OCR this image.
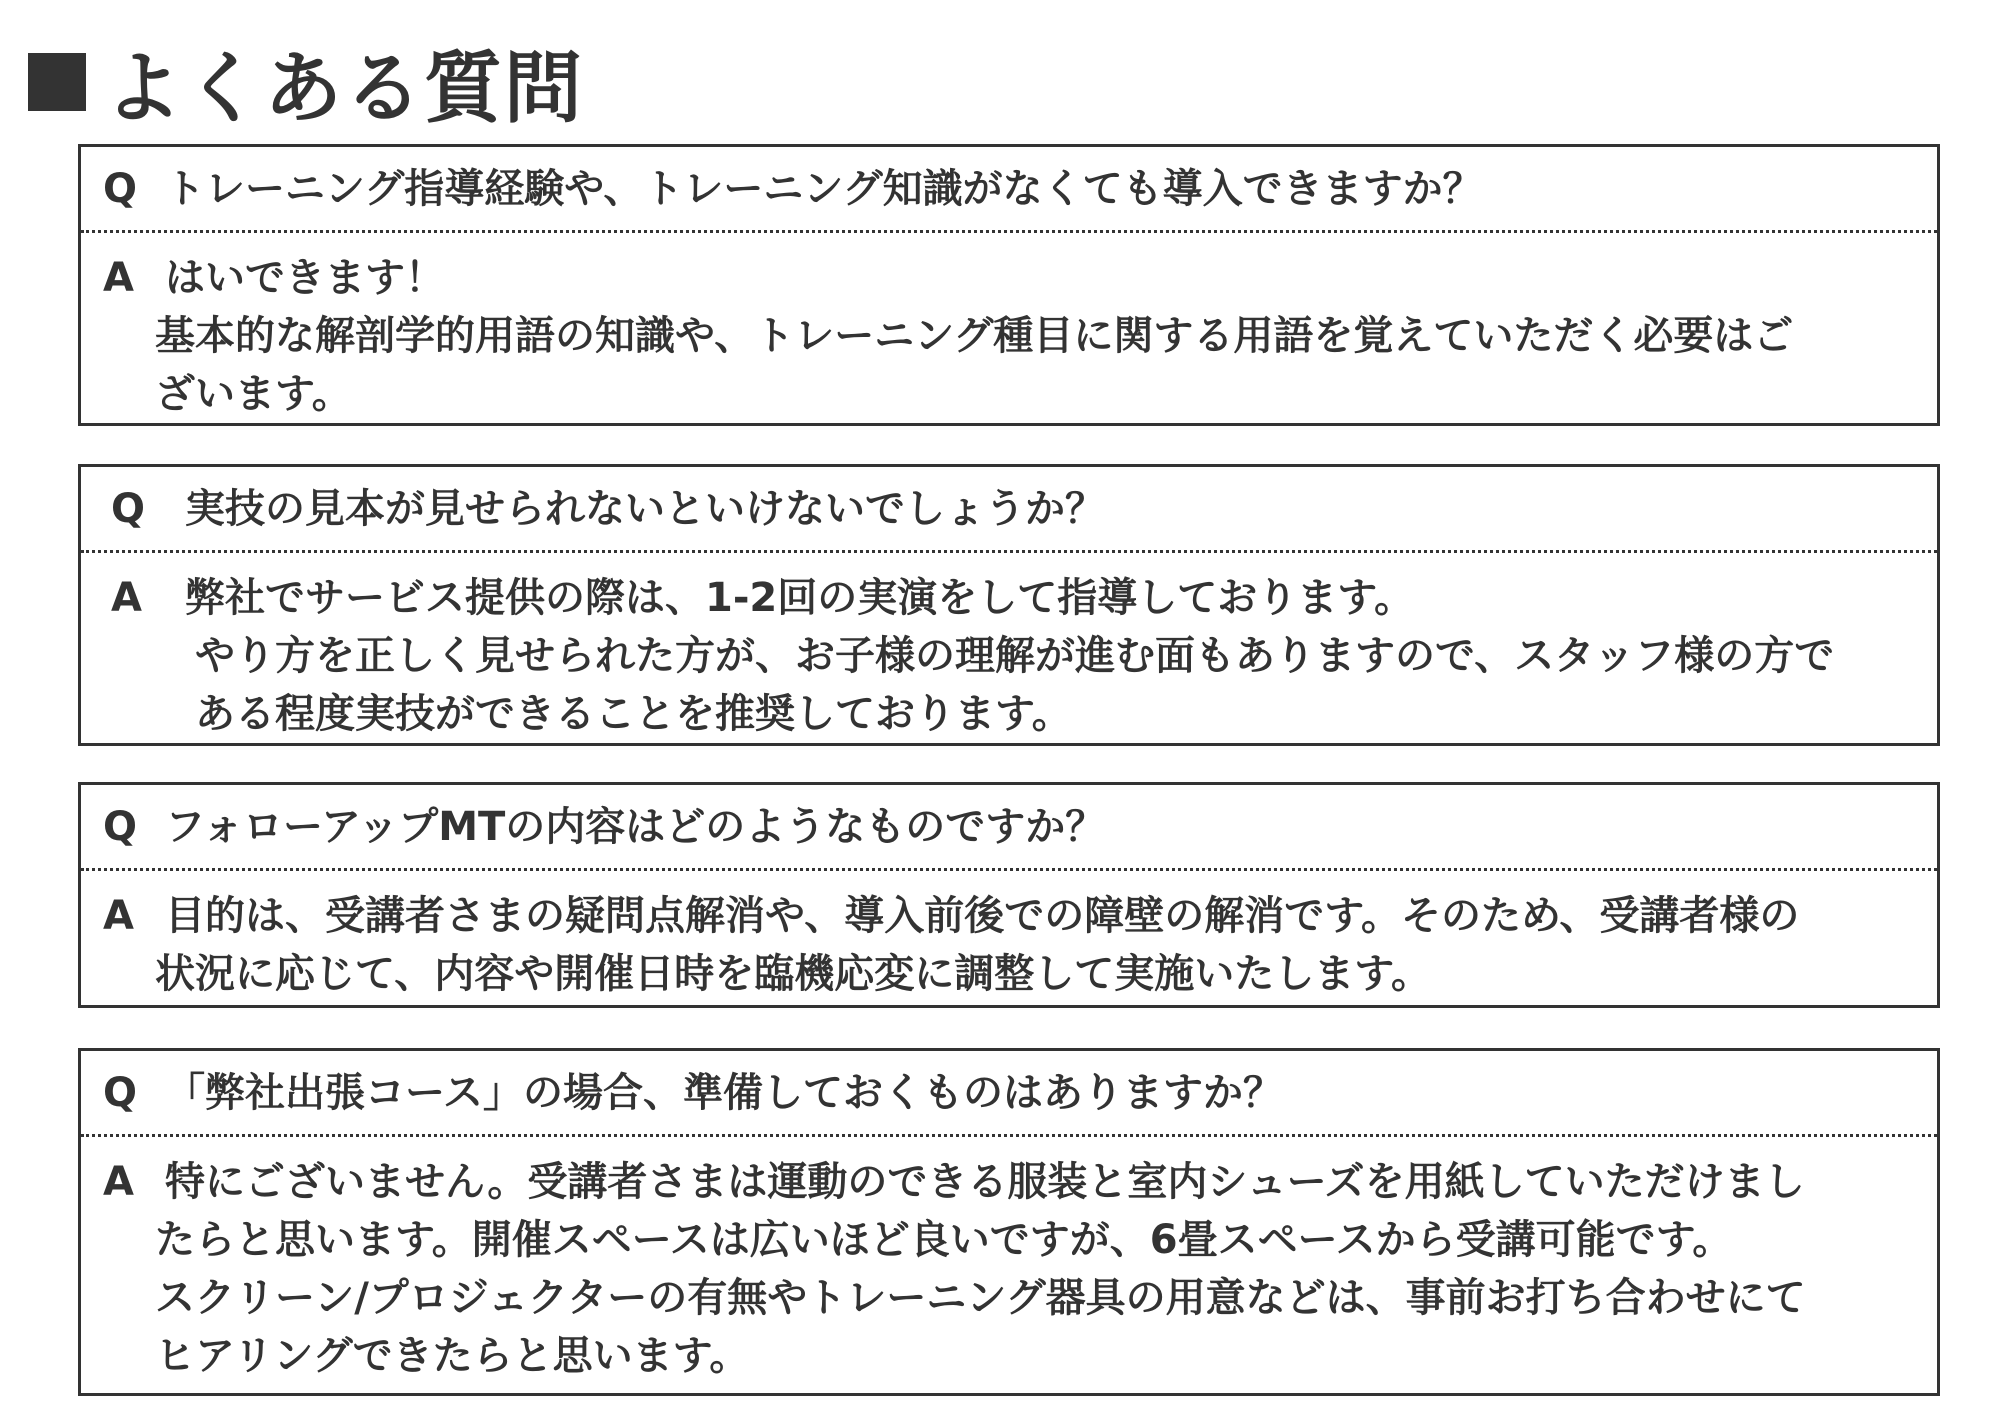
よくある質問
Q トレーニング指導経験や、トレーニング知識がなくても導入できますか？
A はいできます！
基本的な解剖学的用語の知識や、トレーニング種目に関する用語を覚えていただく必要はご
ざいます。
Q 実技の見本が見せられないといけないでしょうか？
A	弊社でサービス提供の際は、1-2回の実演をして指導しております。
やり方を正しく見せられた方が、お子様の理解が進む面もありますので、スタッフ様の方で
ある程度実技ができることを推奨しております。
Q フォローアップMTの内容はどのようなものですか？
A 目的は、受講者さまの疑問点解消や、導入前後での障壁の解消です。そのため、受講者様の
状況に応じて、内容や開催日時を臨機応変に調整して実施いたします。
Q 「弊社出張コース」の場合、準備しておくものはありますか？
A 特にございません。受講者さまは運動のできる服装と室内シューズを用紙していただけまし
たらと思います。開催スペースは広いほど良いですが、6畳スペースから受講可能です。
スクリーン/プロジェクターの有無やトレーニング器具の用意などは、事前お打ち合わせにて
ヒアリングできたらと思います。
